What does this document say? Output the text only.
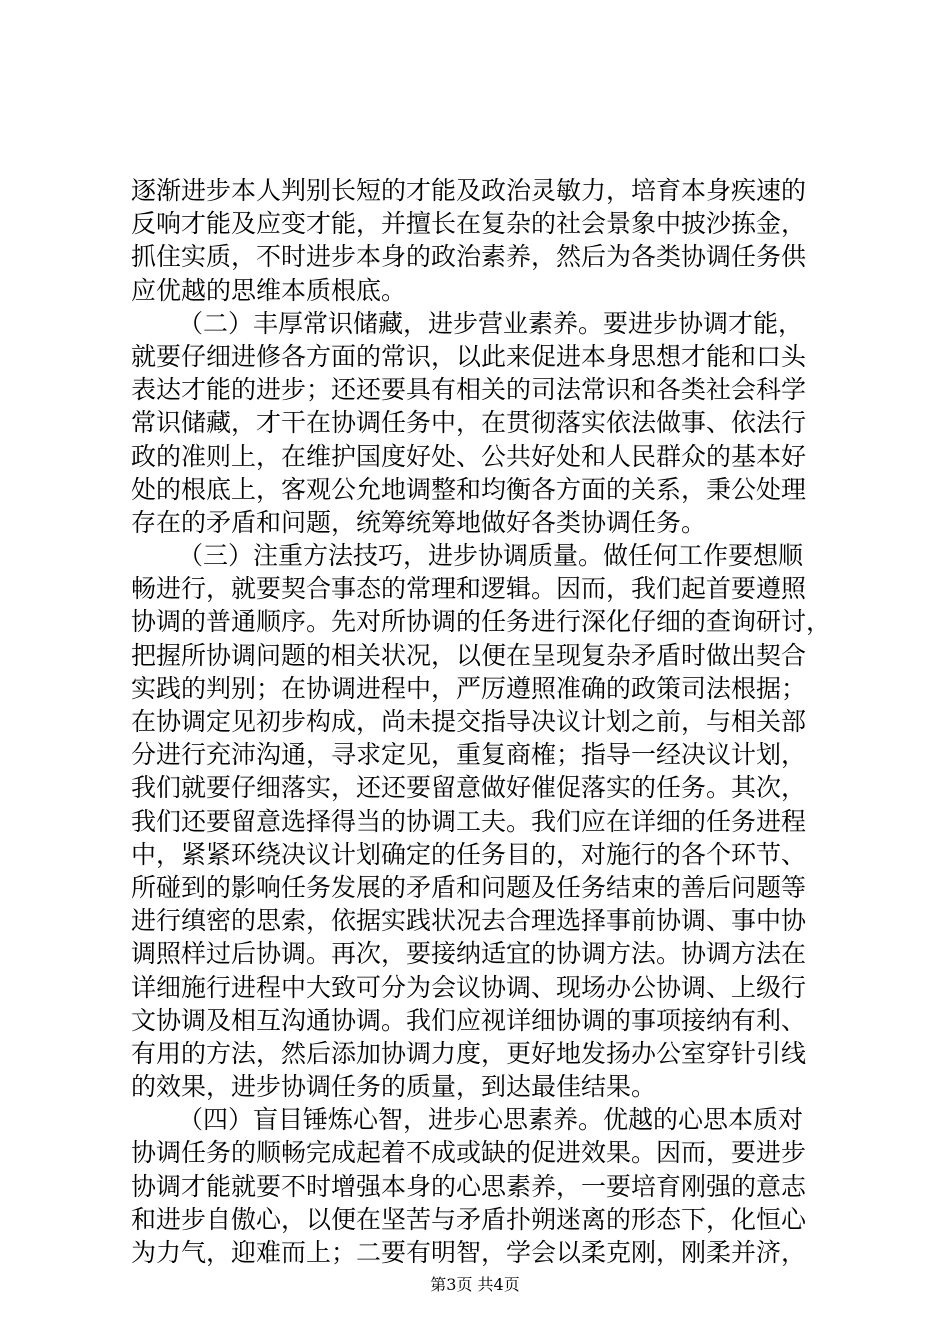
逐渐进步本人判别长短的才能及政治灵敏力，培育本身疾速的
反响才能及应变才能，并擅长在复杂的社会景象中披沙拣金，
抓住实质，不时进步本身的政治素养，然后为各类协调任务供
应优越的思维本质根底。
（二）丰厚常识储藏，进步营业素养。要进步协调才能，
就要仔细进修各方面的常识，以此来促进本身思想才能和口头
表达才能的进步；还还要具有相关的司法常识和各类社会科学
常识储藏，才干在协调任务中，在贯彻落实依法做事、依法行
政的准则上，在维护国度好处、公共好处和人民群众的基本好
处的根底上，客观公允地调整和均衡各方面的关系，秉公处理
存在的矛盾和问题，统筹统筹地做好各类协调任务。
（三）注重方法技巧，进步协调质量。做任何工作要想顺
畅进行，就要契合事态的常理和逻辑。因而，我们起首要遵照
协调的普通顺序。先对所协调的任务进行深化仔细的查询研讨，
把握所协调问题的相关状况，以便在呈现复杂矛盾时做出契合
实践的判别；在协调进程中，严厉遵照准确的政策司法根据；
在协调定见初步构成，尚未提交指导决议计划之前，与相关部
分进行充沛沟通，寻求定见，重复商榷；指导一经决议计划，
我们就要仔细落实，还还要留意做好催促落实的任务。其次，
我们还要留意选择得当的协调工夫。我们应在详细的任务进程
中，紧紧环绕决议计划确定的任务目的，对施行的各个环节、
所碰到的影响任务发展的矛盾和问题及任务结束的善后问题等
进行缜密的思索，依据实践状况去合理选择事前协调、事中协
调照样过后协调。再次，要接纳适宜的协调方法。协调方法在
详细施行进程中大致可分为会议协调、现场办公协调、上级行
文协调及相互沟通协调。我们应视详细协调的事项接纳有利、
有用的方法，然后添加协调力度，更好地发扬办公室穿针引线
的效果，进步协调任务的质量，到达最佳结果。
（四）盲目锤炼心智，进步心思素养。优越的心思本质对
协调任务的顺畅完成起着不成或缺的促进效果。因而，要进步
协调才能就要不时增强本身的心思素养，一要培育刚强的意志
和进步自傲心，以便在坚苦与矛盾扑朔迷离的形态下，化恒心
为力气，迎难而上；二要有明智，学会以柔克刚，刚柔并济，
第3页 共4页
